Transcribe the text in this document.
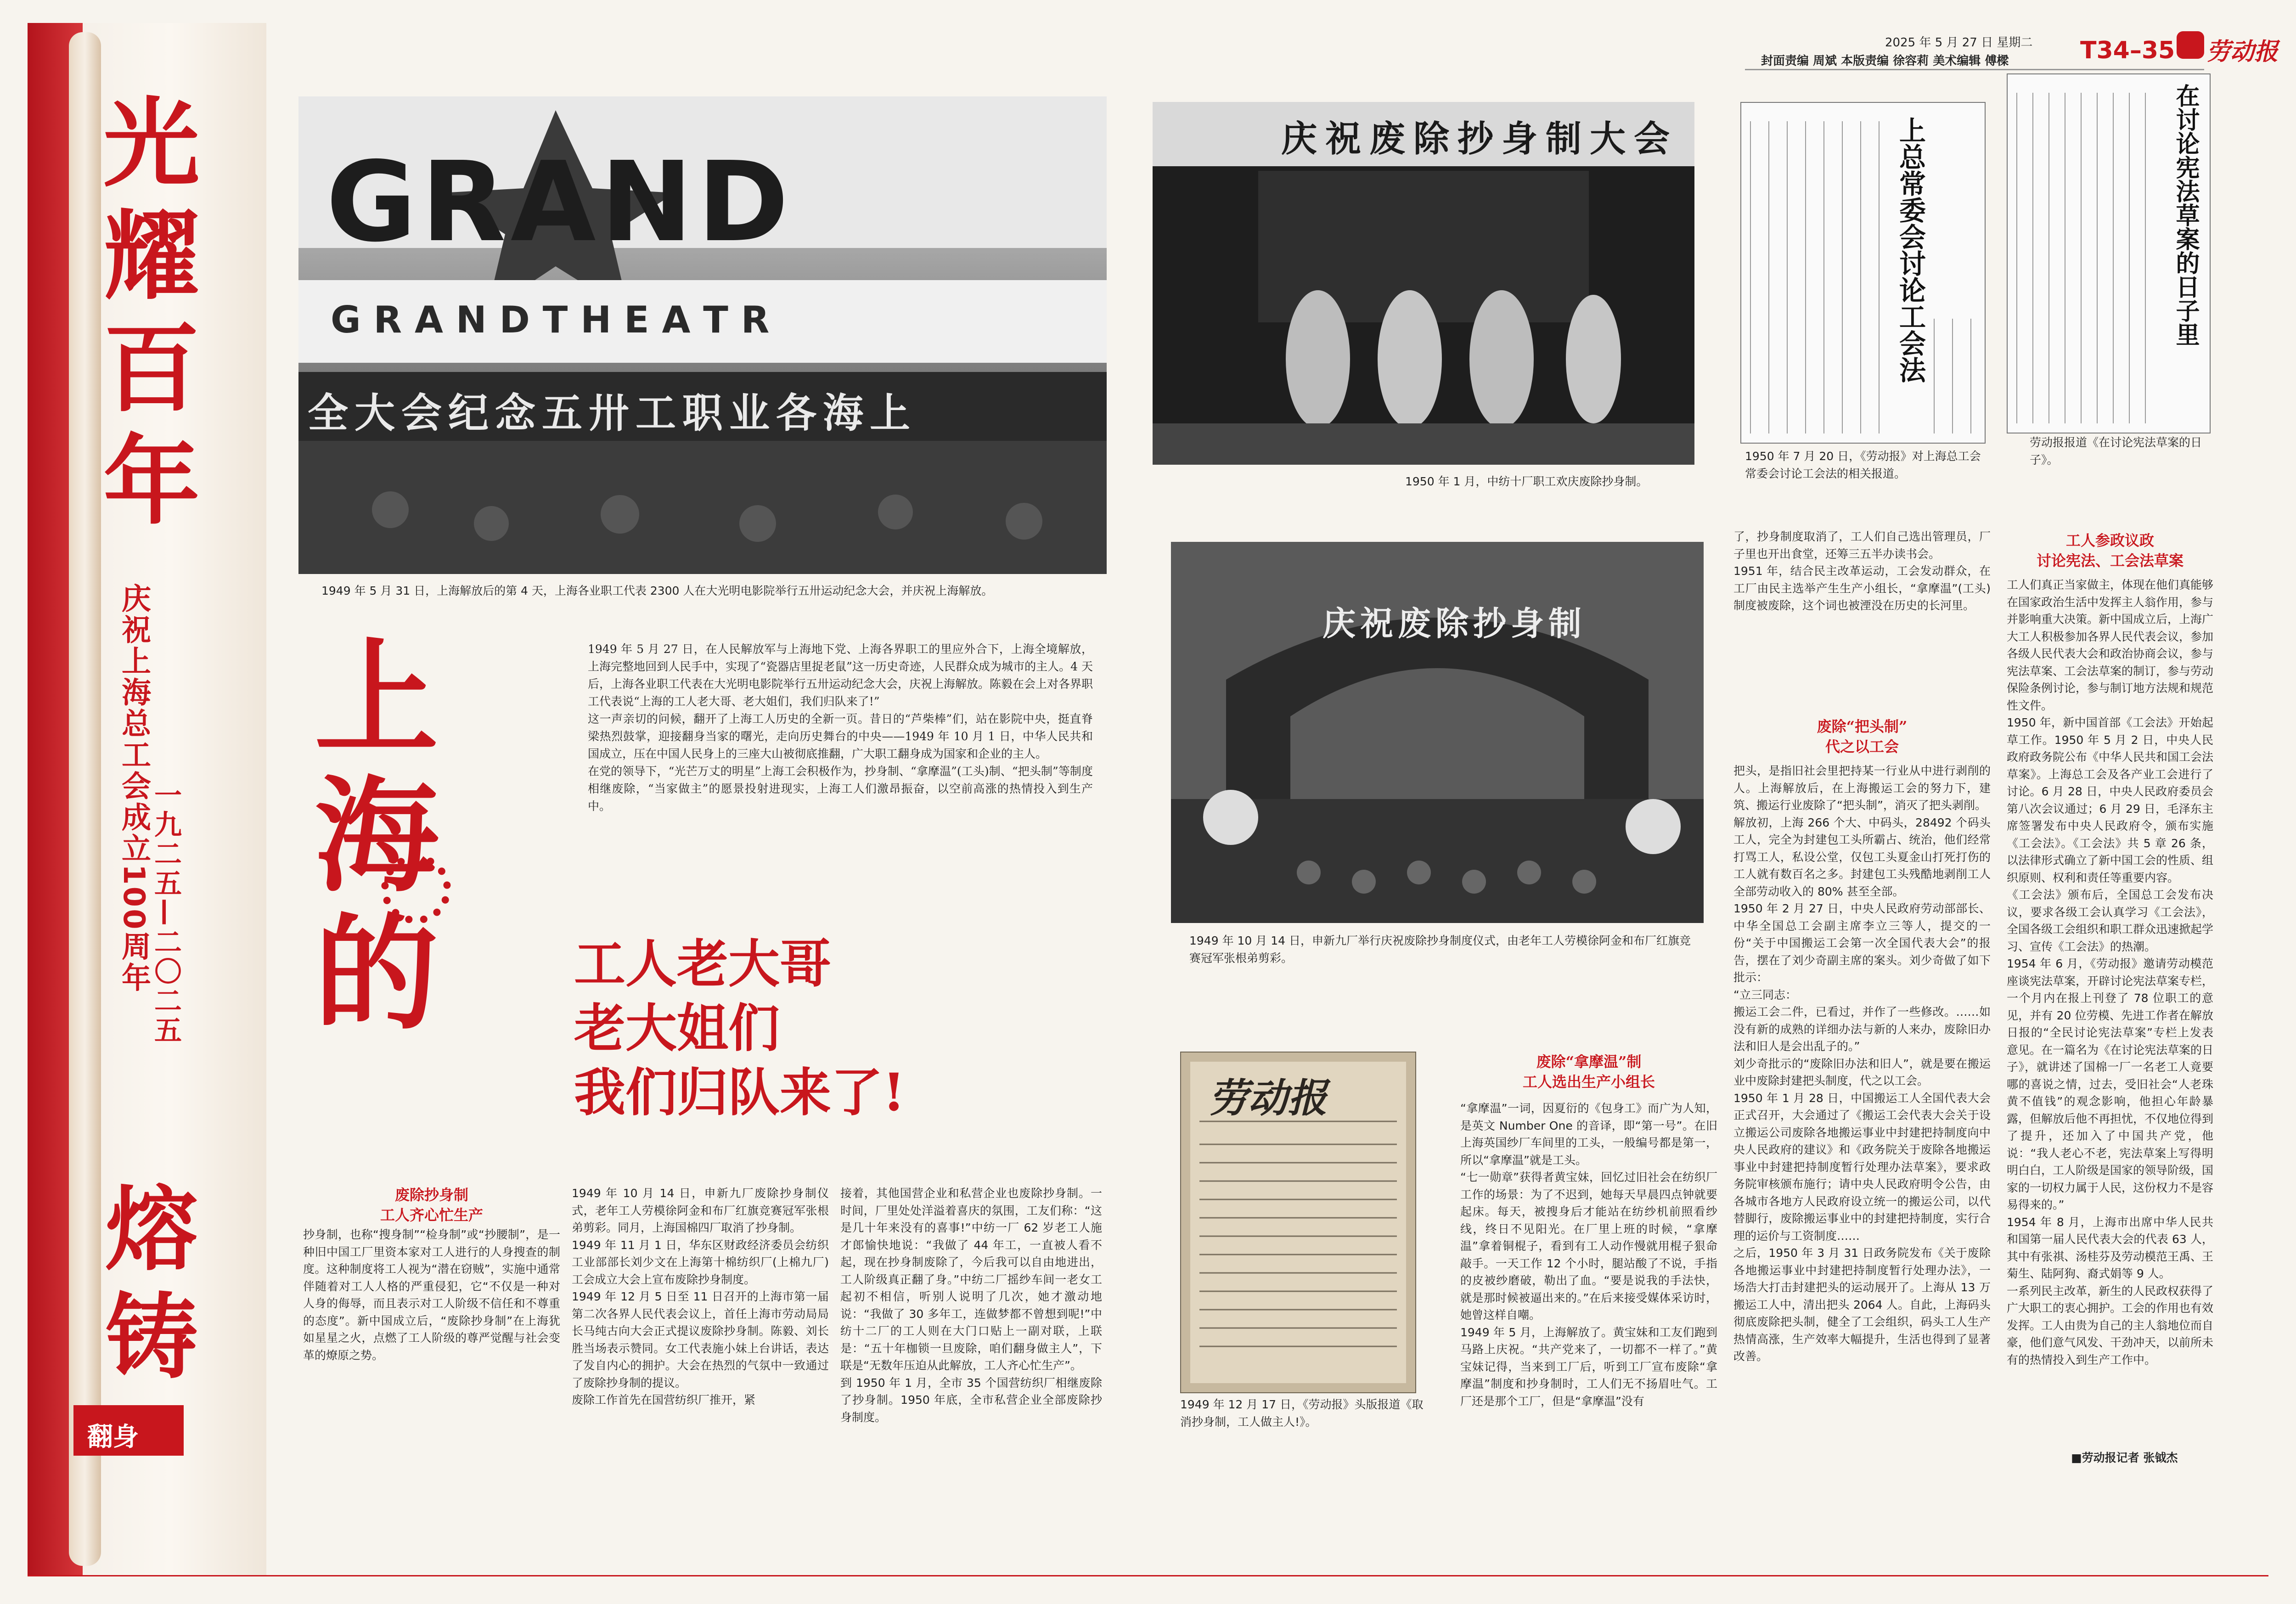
光耀百年
庆祝上海总工会成立100周年
一九二五—二〇二五
熔铸
翻身
2025 年 5 月 27 日 星期二
封面责编 周斌 本版责编 徐容莉 美术编辑 傅樑	T34–35 劳动报
GRAND
G R A N D T H E A T R
全大会纪念五卅工职业各海上
1949 年 5 月 31 日，上海解放后的第 4 天，上海各业职工代表 2300 人在大光明电影院举行五卅运动纪念大会，并庆祝上海解放。
庆祝废除抄身制大会
1950 年 1 月，中纺十厂职工欢庆废除抄身制。
上总常委会讨论工会法
1950 年 7 月 20 日，《劳动报》对上海总工会常委会讨论工会法的相关报道。
在讨论宪法草案的日子里
劳动报报道《在讨论宪法草案的日子》。
庆祝废除抄身制
1949 年 10 月 14 日，申新九厂举行庆祝废除抄身制度仪式，由老年工人劳模徐阿金和布厂红旗竞赛冠军张根弟剪彩。
劳动报
1949 年 12 月 17 日，《劳动报》头版报道《取消抄身制，工人做主人!》。
上海的	工人老大哥
老大姐们
我们归队来了!
1949 年 5 月 27 日，在人民解放军与上海地下党、上海各界职工的里应外合下，上海全境解放，上海完整地回到人民手中，实现了“瓷器店里捉老鼠”这一历史奇迹，人民群众成为城市的主人。4 天后，上海各业职工代表在大光明电影院举行五卅运动纪念大会，庆祝上海解放。陈毅在会上对各界职工代表说“上海的工人老大哥、老大姐们，我们归队来了!”
这一声亲切的问候，翻开了上海工人历史的全新一页。昔日的“芦柴棒”们，站在影院中央，挺直脊梁热烈鼓掌，迎接翻身当家的曙光，走向历史舞台的中央——1949 年 10 月 1 日，中华人民共和国成立，压在中国人民身上的三座大山被彻底推翻，广大职工翻身成为国家和企业的主人。
在党的领导下，“光芒万丈的明星”上海工会积极作为，抄身制、“拿摩温”(工头)制、“把头制”等制度相继废除，“当家做主”的愿景投射进现实，上海工人们激昂振奋，以空前高涨的热情投入到生产中。
废除抄身制
工人齐心忙生产
抄身制，也称“搜身制”“检身制”或“抄腰制”，是一种旧中国工厂里资本家对工人进行的人身搜查的制度。这种制度将工人视为“潜在窃贼”，实施中通常伴随着对工人人格的严重侵犯，它“不仅是一种对人身的侮辱，而且表示对工人阶级不信任和不尊重的态度”。新中国成立后，“废除抄身制”在上海犹如星星之火，点燃了工人阶级的尊严觉醒与社会变革的燎原之势。
1949 年 10 月 14 日，申新九厂废除抄身制仪式，老年工人劳模徐阿金和布厂红旗竞赛冠军张根弟剪彩。同月，上海国棉四厂取消了抄身制。
1949 年 11 月 1 日，华东区财政经济委员会纺织工业部部长刘少文在上海第十棉纺织厂(上棉九厂)工会成立大会上宣布废除抄身制度。
1949 年 12 月 5 日至 11 日召开的上海市第一届第二次各界人民代表会议上，首任上海市劳动局局长马纯古向大会正式提议废除抄身制。陈毅、刘长胜当场表示赞同。女工代表施小妹上台讲话，表达了发自内心的拥护。大会在热烈的气氛中一致通过了废除抄身制的提议。
废除工作首先在国营纺织厂推开，紧
接着，其他国营企业和私营企业也废除抄身制。一时间，厂里处处洋溢着喜庆的氛围，工友们称：“这是几十年来没有的喜事!”中纺一厂 62 岁老工人施才郎愉快地说：“我做了 44 年工，一直被人看不起，现在抄身制废除了，今后我可以自由地进出，工人阶级真正翻了身。”中纺二厂摇纱车间一老女工起初不相信，听别人说明了几次，她才激动地说：“我做了 30 多年工，连做梦都不曾想到呢!”中纺十二厂的工人则在大门口贴上一副对联，上联是：“五十年枷锁一旦废除，咱们翻身做主人”，下联是“无数年压迫从此解放，工人齐心忙生产”。
到 1950 年 1 月，全市 35 个国营纺织厂相继废除了抄身制。1950 年底，全市私营企业全部废除抄身制度。
废除“拿摩温”制
工人选出生产小组长
“拿摩温”一词，因夏衍的《包身工》而广为人知，是英文 Number One 的音译，即“第一号”。在旧上海英国纱厂车间里的工头，一般编号都是第一，所以“拿摩温”就是工头。
“七一勋章”获得者黄宝妹，回忆过旧社会在纺织厂工作的场景：为了不迟到，她每天早晨四点钟就要起床。每天，被搜身后才能站在纺纱机前照看纱线，终日不见阳光。在厂里上班的时候，“拿摩温”拿着铜棍子，看到有工人动作慢就用棍子狠命敲手。一天工作 12 个小时，腿站酸了不说，手指的皮被纱磨破，勒出了血。“要是说我的手法快，就是那时候被逼出来的。”在后来接受媒体采访时，她曾这样自嘲。
1949 年 5 月，上海解放了。黄宝妹和工友们跑到马路上庆祝。“共产党来了，一切都不一样了。”黄宝妹记得，当来到工厂后，听到工厂宣布废除“拿摩温”制度和抄身制时，工人们无不扬眉吐气。工厂还是那个工厂，但是“拿摩温”没有
了，抄身制度取消了，工人们自己选出管理员，厂子里也开出食堂，还筹三五半办读书会。
1951 年，结合民主改革运动，工会发动群众，在工厂由民主选举产生生产小组长，“拿摩温”(工头)制度被废除，这个词也被湮没在历史的长河里。
废除“把头制”
代之以工会
把头，是指旧社会里把持某一行业从中进行剥削的人。上海解放后，在上海搬运工会的努力下，建筑、搬运行业废除了“把头制”，消灭了把头剥削。
解放初，上海 266 个大、中码头，28492 个码头工人，完全为封建包工头所霸占、统治，他们经常打骂工人，私设公堂，仅包工头夏金山打死打伤的工人就有数百名之多。封建包工头残酷地剥削工人全部劳动收入的 80% 甚至全部。
1950 年 2 月 27 日，中央人民政府劳动部部长、中华全国总工会副主席李立三等人，提交的一份“关于中国搬运工会第一次全国代表大会”的报告，摆在了刘少奇副主席的案头。刘少奇做了如下批示：
“立三同志：
搬运工会二件，已看过，并作了一些修改。……如没有新的成熟的详细办法与新的人来办，废除旧办法和旧人是会出乱子的。”
刘少奇批示的“废除旧办法和旧人”，就是要在搬运业中废除封建把头制度，代之以工会。
1950 年 1 月 28 日，中国搬运工人全国代表大会正式召开，大会通过了《搬运工会代表大会关于设立搬运公司废除各地搬运事业中封建把持制度向中央人民政府的建议》和《政务院关于废除各地搬运事业中封建把持制度暂行处理办法草案》，要求政务院审核颁布施行；请中央人民政府明令公告，由各城市各地方人民政府设立统一的搬运公司，以代替脚行，废除搬运事业中的封建把持制度，实行合理的运价与工资制度……
之后，1950 年 3 月 31 日政务院发布《关于废除各地搬运事业中封建把持制度暂行处理办法》，一场浩大打击封建把头的运动展开了。上海从 13 万搬运工人中，清出把头 2064 人。自此，上海码头彻底废除把头制，健全了工会组织，码头工人生产热情高涨，生产效率大幅提升，生活也得到了显著改善。
工人参政议政
讨论宪法、工会法草案
工人们真正当家做主，体现在他们真能够在国家政治生活中发挥主人翁作用，参与并影响重大决策。新中国成立后，上海广大工人积极参加各界人民代表会议，参加各级人民代表大会和政治协商会议，参与宪法草案、工会法草案的制订，参与劳动保险条例讨论，参与制订地方法规和规范性文件。
1950 年，新中国首部《工会法》开始起草工作。1950 年 5 月 2 日，中央人民政府政务院公布《中华人民共和国工会法草案》。上海总工会及各产业工会进行了讨论。6 月 28 日，中央人民政府委员会第八次会议通过；6 月 29 日，毛泽东主席签署发布中央人民政府令，颁布实施《工会法》。《工会法》共 5 章 26 条，以法律形式确立了新中国工会的性质、组织原则、权利和责任等重要内容。
《工会法》颁布后，全国总工会发布决议，要求各级工会认真学习《工会法》，全国各级工会组织和职工群众迅速掀起学习、宣传《工会法》的热潮。
1954 年 6 月，《劳动报》邀请劳动模范座谈宪法草案，开辟讨论宪法草案专栏，一个月内在报上刊登了 78 位职工的意见，并有 20 位劳模、先进工作者在解放日报的“全民讨论宪法草案”专栏上发表意见。在一篇名为《在讨论宪法草案的日子》，就讲述了国棉一厂一名老工人竟要哪的喜说之情，过去，受旧社会“人老珠黄不值钱”的观念影响，他担心年龄暴露，但解放后他不再担忧，不仅地位得到了提升，还加入了中国共产党，他说：“我人老心不老，宪法草案上写得明明白白，工人阶级是国家的领导阶级，国家的一切权力属于人民，这份权力不是容易得来的。”
1954 年 8 月，上海市出席中华人民共和国第一届人民代表大会的代表 63 人，其中有张祺、汤桂芬及劳动模范王禹、王菊生、陆阿狗、裔式娟等 9 人。
一系列民主改革，新生的人民政权获得了广大职工的衷心拥护。工会的作用也有效发挥。工人由贵为自己的主人翁地位而自豪，他们意气风发、干劲冲天，以前所未有的热情投入到生产工作中。
■劳动报记者 张钺杰
